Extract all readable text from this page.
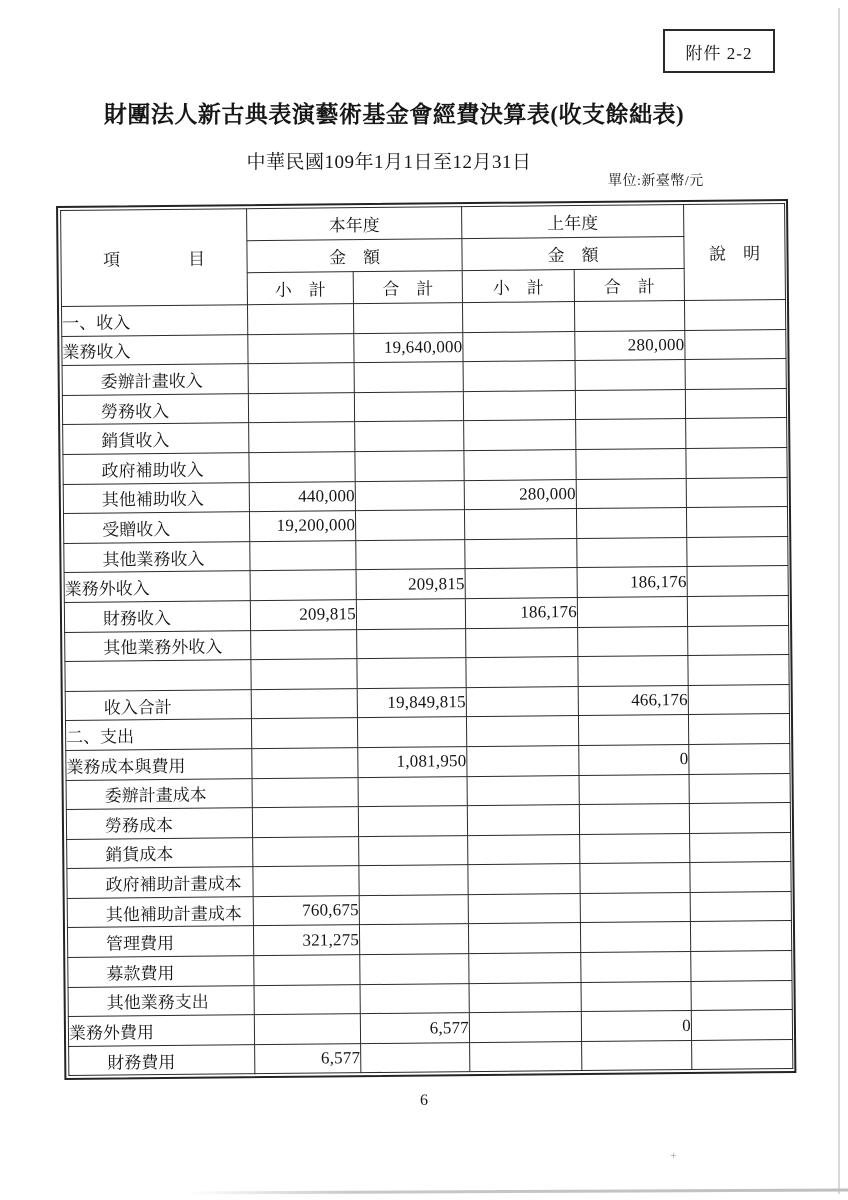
附件 2-2
財團法人新古典表演藝術基金會經費決算表(收支餘絀表)
中華民國109年1月1日至12月31日
單位:新臺幣/元
項　　　　目	本年度		上年度		說　明
	金　額		金　額		
	小　計	合　計	小　計	合　計	
一、收入					
業務收入		19,640,000		280,000	
委辦計畫收入					
勞務收入					
銷貨收入					
政府補助收入					
其他補助收入	440,000		280,000		
受贈收入	19,200,000				
其他業務收入					
業務外收入		209,815		186,176	
財務收入	209,815		186,176		
其他業務外收入					

收入合計		19,849,815		466,176	
二、支出					
業務成本與費用		1,081,950		0	
委辦計畫成本					
勞務成本					
銷貨成本					
政府補助計畫成本					
其他補助計畫成本	760,675				
管理費用	321,275				
募款費用					
其他業務支出					
業務外費用		6,577		0	
財務費用	6,577				
6
+
